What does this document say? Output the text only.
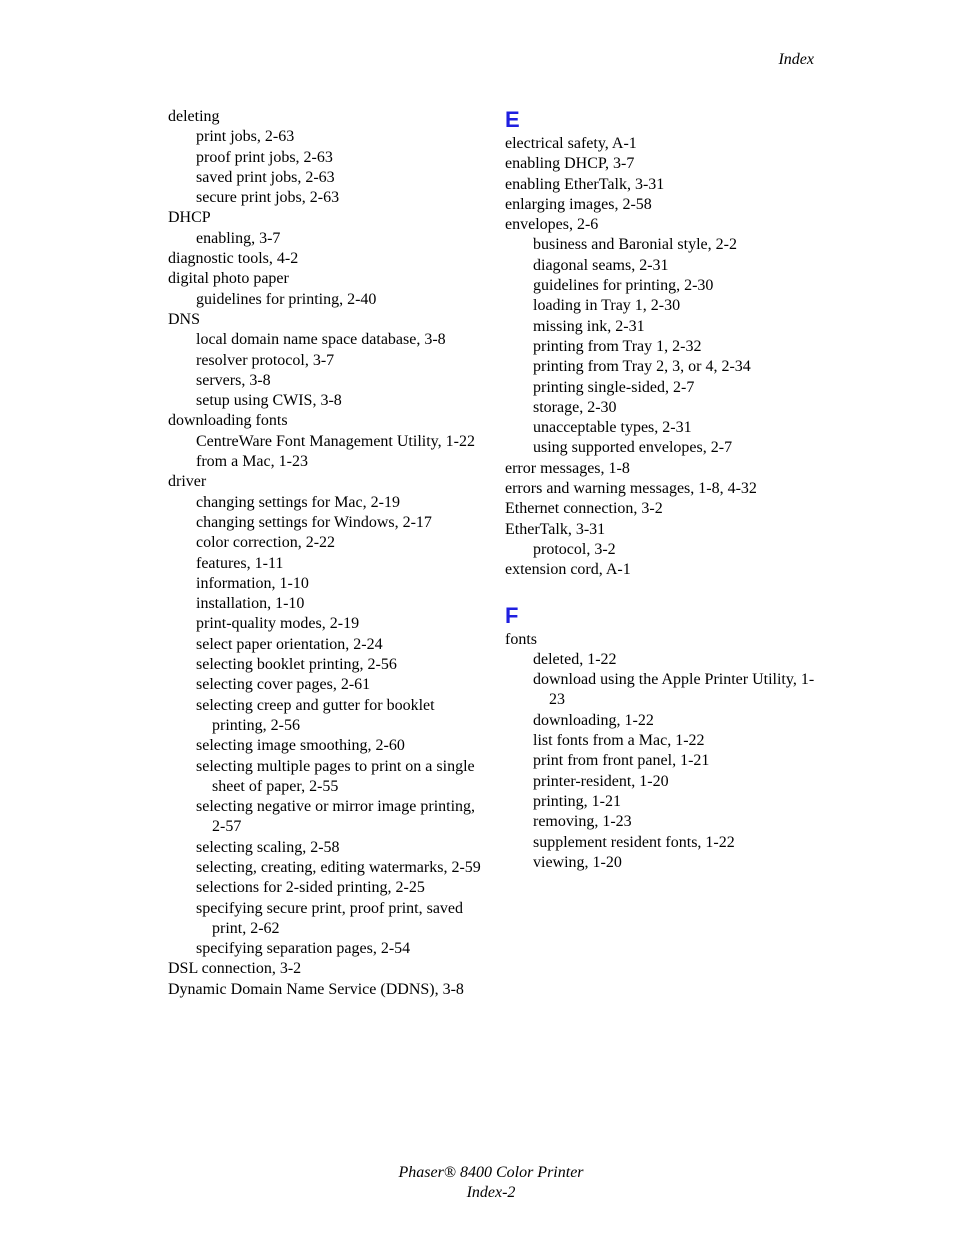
Index
deleting
print jobs, 2-63
proof print jobs, 2-63
saved print jobs, 2-63
secure print jobs, 2-63
DHCP
enabling, 3-7
diagnostic tools, 4-2
digital photo paper
guidelines for printing, 2-40
DNS
local domain name space database, 3-8
resolver protocol, 3-7
servers, 3-8
setup using CWIS, 3-8
downloading fonts
CentreWare Font Management Utility, 1-22
from a Mac, 1-23
driver
changing settings for Mac, 2-19
changing settings for Windows, 2-17
color correction, 2-22
features, 1-11
information, 1-10
installation, 1-10
print-quality modes, 2-19
select paper orientation, 2-24
selecting booklet printing, 2-56
selecting cover pages, 2-61
selecting creep and gutter for booklet printing, 2-56
selecting image smoothing, 2-60
selecting multiple pages to print on a single sheet of paper, 2-55
selecting negative or mirror image printing, 2-57
selecting scaling, 2-58
selecting, creating, editing watermarks, 2-59
selections for 2-sided printing, 2-25
specifying secure print, proof print, saved print, 2-62
specifying separation pages, 2-54
DSL connection, 3-2
Dynamic Domain Name Service (DDNS), 3-8
E
electrical safety, A-1
enabling DHCP, 3-7
enabling EtherTalk, 3-31
enlarging images, 2-58
envelopes, 2-6
business and Baronial style, 2-2
diagonal seams, 2-31
guidelines for printing, 2-30
loading in Tray 1, 2-30
missing ink, 2-31
printing from Tray 1, 2-32
printing from Tray 2, 3, or 4, 2-34
printing single-sided, 2-7
storage, 2-30
unacceptable types, 2-31
using supported envelopes, 2-7
error messages, 1-8
errors and warning messages, 1-8, 4-32
Ethernet connection, 3-2
EtherTalk, 3-31
protocol, 3-2
extension cord, A-1
F
fonts
deleted, 1-22
download using the Apple Printer Utility, 1-23
downloading, 1-22
list fonts from a Mac, 1-22
print from front panel, 1-21
printer-resident, 1-20
printing, 1-21
removing, 1-23
supplement resident fonts, 1-22
viewing, 1-20
Phaser® 8400 Color Printer
Index-2
